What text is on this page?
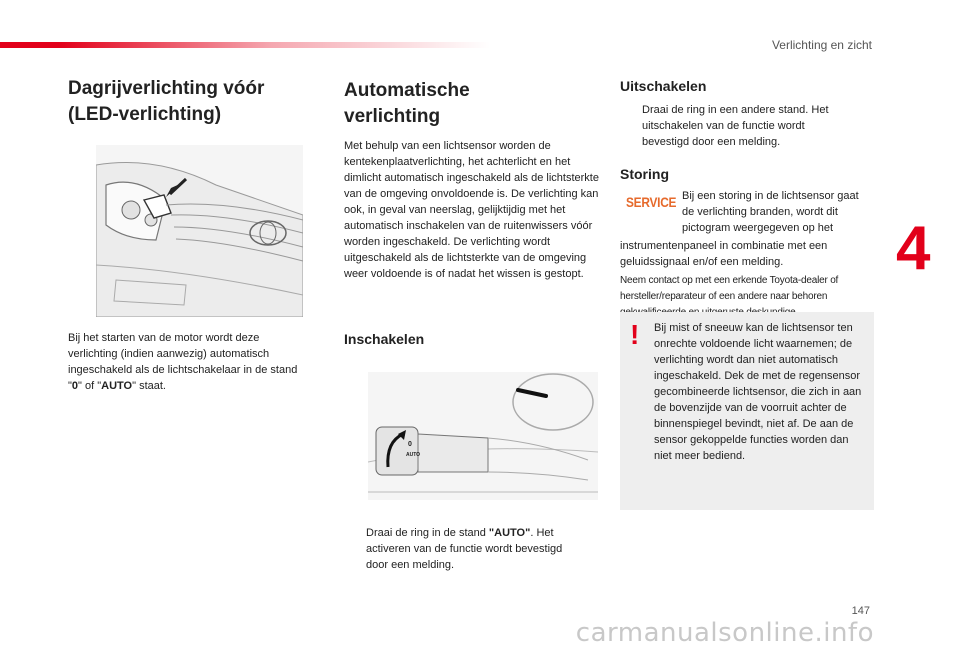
Verlichting en zicht
4
Dagrijverlichting vóór
(LED-verlichting)

Bij het starten van de motor wordt deze verlichting (indien aanwezig) automatisch ingeschakeld als de lichtschakelaar in de stand "0" of "AUTO" staat.

Automatische
verlichting

Met behulp van een lichtsensor worden de kentekenplaatverlichting, het achterlicht en het dimlicht automatisch ingeschakeld als de lichtsterkte van de omgeving onvoldoende is. De verlichting kan ook, in geval van neerslag, gelijktijdig met het automatisch inschakelen van de ruitenwissers vóór worden ingeschakeld. De verlichting wordt uitgeschakeld als de lichtsterkte van de omgeving weer voldoende is of nadat het wissen is gestopt.

Inschakelen
0
AUTO
Draai de ring in de stand "AUTO". Het activeren van de functie wordt bevestigd door een melding.
Uitschakelen
Draai de ring in een andere stand. Het uitschakelen van de functie wordt bevestigd door een melding.
Storing
SERVICE Bij een storing in de lichtsensor gaat de verlichting branden, wordt dit pictogram weergegeven op het

instrumentenpaneel in combinatie met een geluidssignaal en/of een melding.

Neem contact op met een erkende Toyota-dealer of hersteller/reparateur of een andere naar behoren

! Bij mist of sneeuw kan de lichtsensor ten onrechte voldoende licht waarnemen; de verlichting wordt dan niet automatisch ingeschakeld. Dek de met de regensensor gecombineerde lichtsensor, die zich in aan de bovenzijde van de voorruit achter de binnenspiegel bevindt, niet af. De aan de sensor gekoppelde functies worden dan niet meer bediend.

147
carmanualsonline.info
